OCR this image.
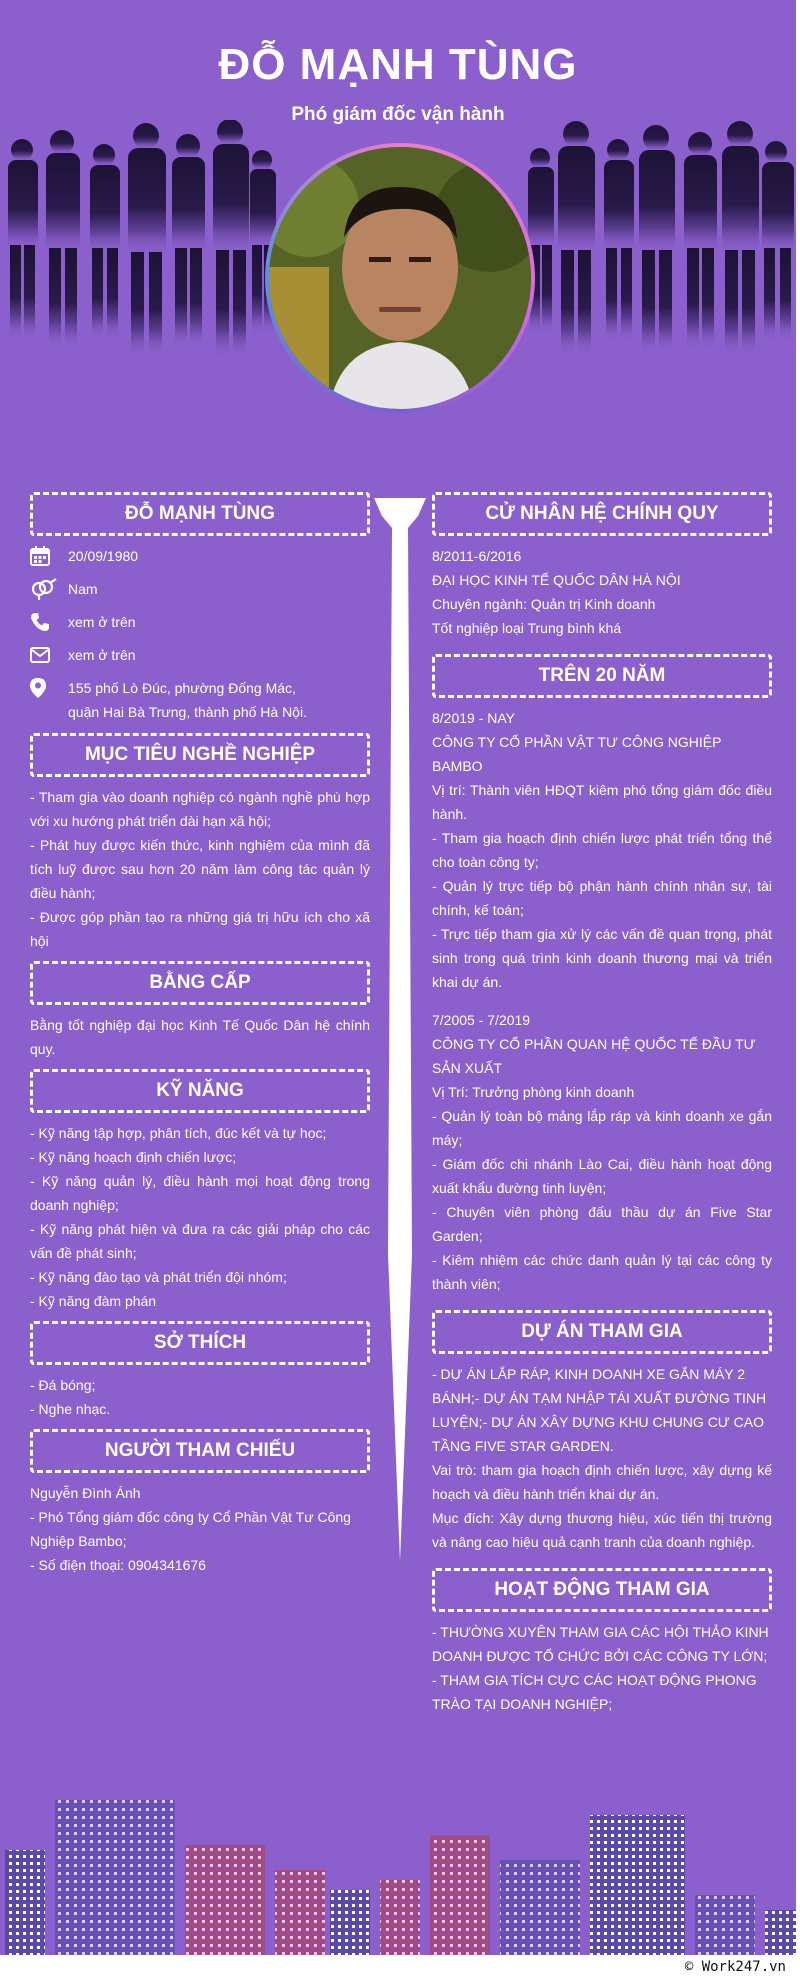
ĐỖ MẠNH TÙNG
Phó giám đốc vận hành
ĐỖ MẠNH TÙNG
20/09/1980
Nam
xem ở trên
xem ở trên
155 phố Lò Đúc, phường Đống Mác,
quận Hai Bà Trưng, thành phố Hà Nội.
MỤC TIÊU NGHỀ NGHIỆP

- Tham gia vào doanh nghiệp có ngành nghề phù hợp với xu hướng phát triển dài hạn xã hội;

- Phát huy được kiến thức, kinh nghiệm của mình đã tích luỹ được sau hơn 20 năm làm công tác quản lý điều hành;

- Được góp phần tạo ra những giá trị hữu ích cho xã hội

BẰNG CẤP

Bằng tốt nghiệp đại học Kinh Tế Quốc Dân hệ chính quy.

KỸ NĂNG

- Kỹ năng tập hợp, phân tích, đúc kết và tự học;

- Kỹ năng hoạch định chiến lược;

- Kỹ năng quản lý, điều hành mọi hoạt động trong doanh nghiệp;

- Kỹ năng phát hiện và đưa ra các giải pháp cho các vấn đề phát sinh;

- Kỹ năng đào tạo và phát triển đội nhóm;

- Kỹ năng đàm phán

SỞ THÍCH

- Đá bóng;

- Nghe nhạc.

NGƯỜI THAM CHIẾU

Nguyễn Đình Ánh

- Phó Tổng giám đốc công ty Cổ Phần Vật Tư Công Nghiệp Bambo;

- Số điện thoại: 0904341676

CỬ NHÂN HỆ CHÍNH QUY

8/2011-6/2016

ĐẠI HỌC KINH TẾ QUỐC DÂN HÀ NỘI

Chuyên ngành: Quản trị Kinh doanh

Tốt nghiệp loại Trung bình khá

TRÊN 20 NĂM

8/2019 - NAY

CÔNG TY CỔ PHẦN VẬT TƯ CÔNG NGHIỆP BAMBO

Vị trí: Thành viên HĐQT kiêm phó tổng giám đốc điều hành.

- Tham gia hoạch định chiến lược phát triển tổng thể cho toàn công ty;

- Quản lý trực tiếp bộ phận hành chính nhân sự, tài chính, kế toán;

- Trực tiếp tham gia xử lý các vấn đề quan trọng, phát sinh trong quá trình kinh doanh thương mại và triển khai dự án.

7/2005 - 7/2019

CÔNG TY CỔ PHẦN QUAN HỆ QUỐC TẾ ĐẦU TƯ SẢN XUẤT

Vị Trí: Trưởng phòng kinh doanh

- Quản lý toàn bộ mảng lắp ráp và kinh doanh xe gắn máy;

- Giám đốc chi nhánh Lào Cai, điều hành hoạt động xuất khẩu đường tinh luyện;

- Chuyên viên phòng đấu thầu dự án Five Star Garden;

- Kiêm nhiệm các chức danh quản lý tại các công ty thành viên;

DỰ ÁN THAM GIA

- DỰ ÁN LẮP RÁP, KINH DOANH XE GẮN MÁY 2 BÁNH;- DỰ ÁN TẠM NHẬP TÁI XUẤT ĐƯỜNG TINH LUYỆN;- DỰ ÁN XÂY DỰNG KHU CHUNG CƯ CAO TẦNG FIVE STAR GARDEN.

Vai trò: tham gia hoạch định chiến lược, xây dựng kế hoạch và điều hành triển khai dự án.

Mục đích: Xây dựng thương hiệu, xúc tiến thị trường và nâng cao hiệu quả cạnh tranh của doanh nghiệp.

HOẠT ĐỘNG THAM GIA

- THƯỜNG XUYÊN THAM GIA CÁC HỘI THẢO KINH DOANH ĐƯỢC TỔ CHỨC BỞI CÁC CÔNG TY LỚN;

- THAM GIA TÍCH CỰC CÁC HOẠT ĐỘNG PHONG TRÀO TẠI DOANH NGHIỆP;

© Work247.vn
